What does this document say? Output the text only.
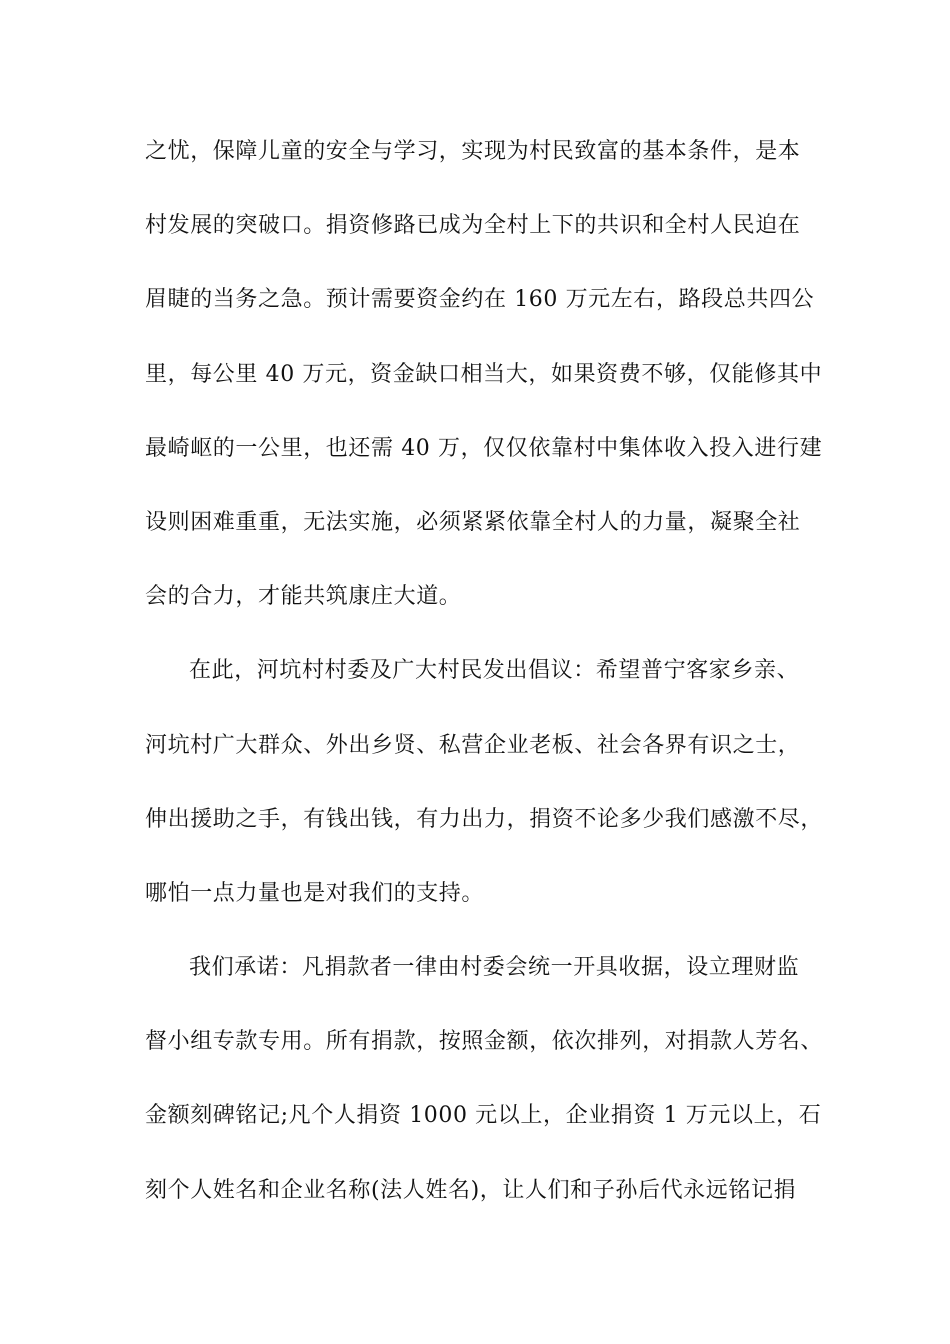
之忧，保障儿童的安全与学习，实现为村民致富的基本条件，是本
村发展的突破口。捐资修路已成为全村上下的共识和全村人民迫在
眉睫的当务之急。预计需要资金约在 160 万元左右，路段总共四公
里，每公里 40 万元，资金缺口相当大，如果资费不够，仅能修其中
最崎岖的一公里，也还需 40 万，仅仅依靠村中集体收入投入进行建
设则困难重重，无法实施，必须紧紧依靠全村人的力量，凝聚全社
会的合力，才能共筑康庄大道。
在此，河坑村村委及广大村民发出倡议：希望普宁客家乡亲、
河坑村广大群众、外出乡贤、私营企业老板、社会各界有识之士，
伸出援助之手，有钱出钱，有力出力，捐资不论多少我们感激不尽，
哪怕一点力量也是对我们的支持。
我们承诺：凡捐款者一律由村委会统一开具收据，设立理财监
督小组专款专用。所有捐款，按照金额，依次排列，对捐款人芳名、
金额刻碑铭记;凡个人捐资 1000 元以上，企业捐资 1 万元以上，石
刻个人姓名和企业名称(法人姓名)，让人们和子孙后代永远铭记捐
